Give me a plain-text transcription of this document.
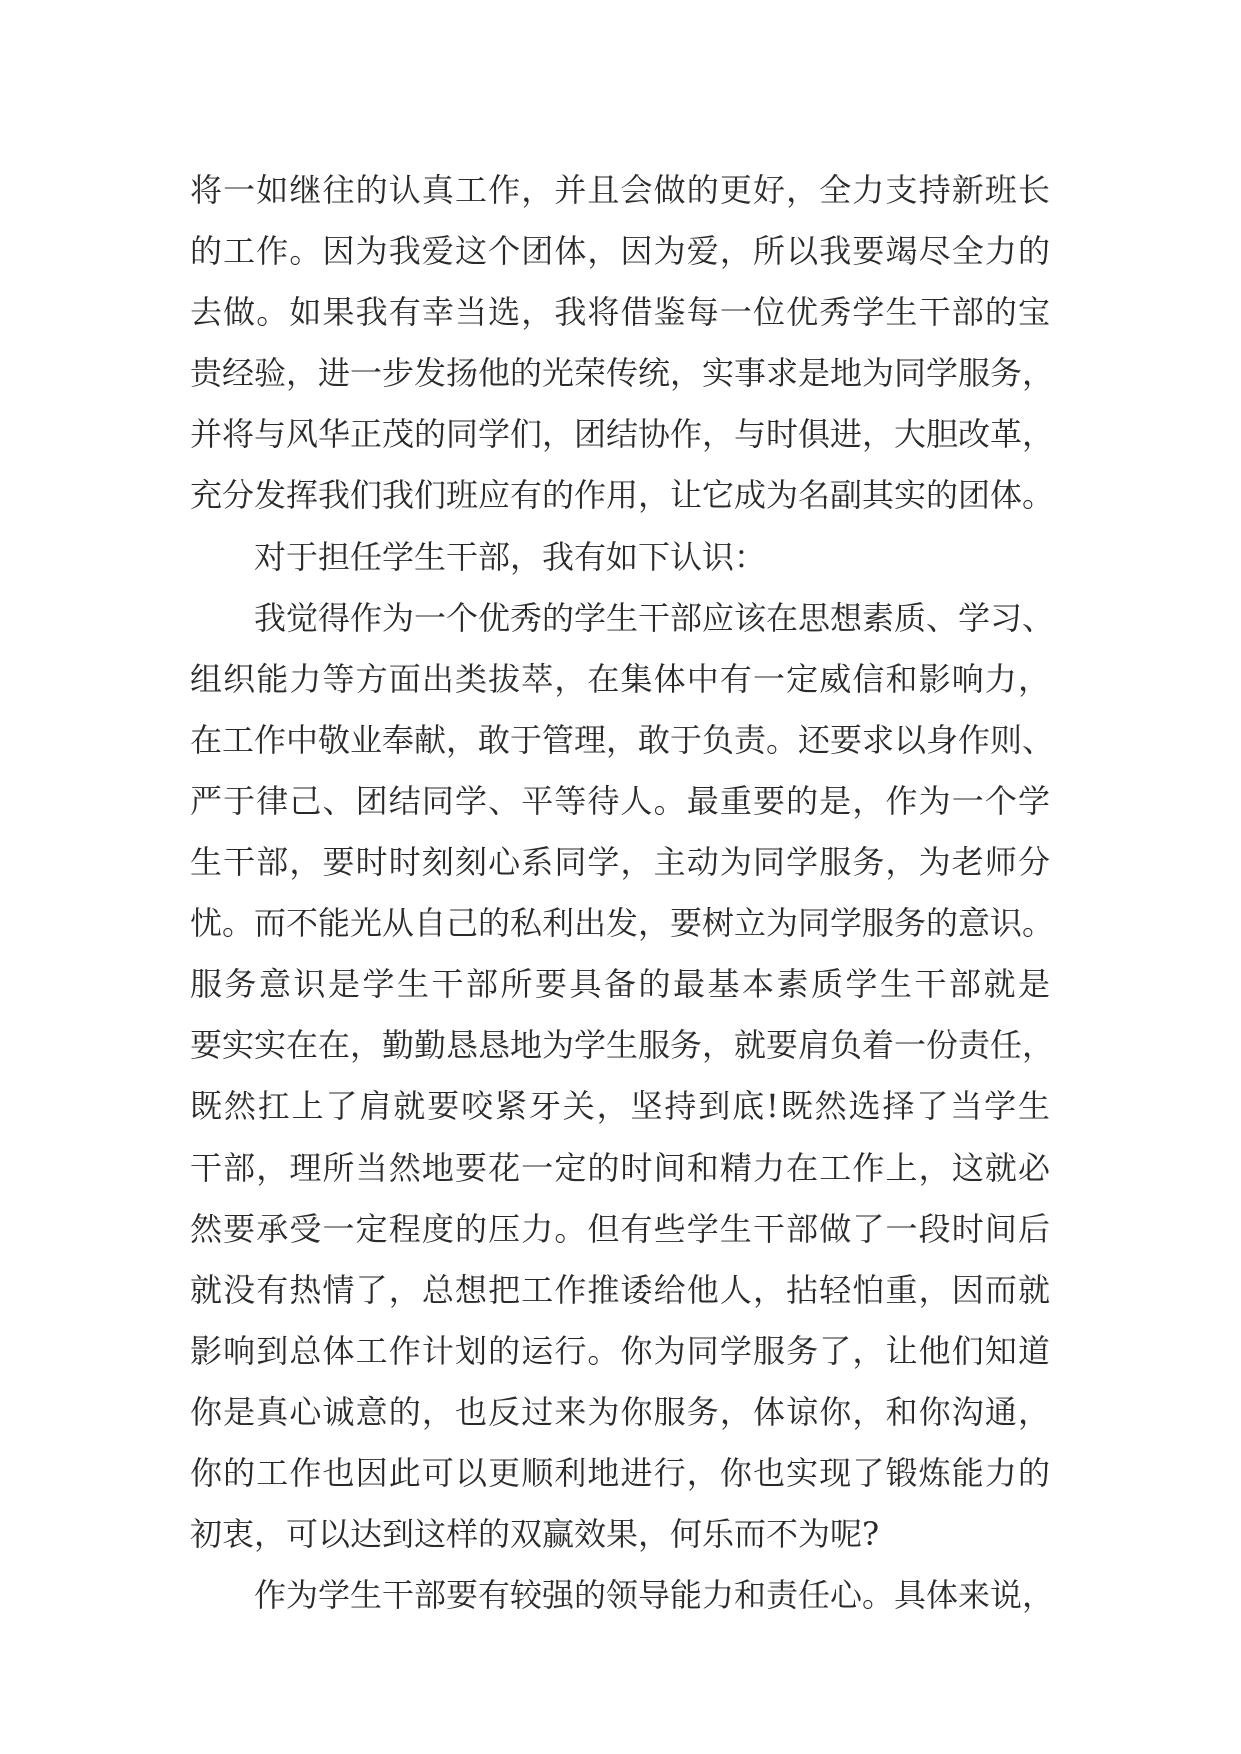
将一如继往的认真工作，并且会做的更好，全力支持新班长
的工作。因为我爱这个团体，因为爱，所以我要竭尽全力的
去做。如果我有幸当选，我将借鉴每一位优秀学生干部的宝
贵经验，进一步发扬他的光荣传统，实事求是地为同学服务，
并将与风华正茂的同学们，团结协作，与时俱进，大胆改革，
充分发挥我们我们班应有的作用，让它成为名副其实的团体。
对于担任学生干部，我有如下认识：
我觉得作为一个优秀的学生干部应该在思想素质、学习、
组织能力等方面出类拔萃，在集体中有一定威信和影响力，
在工作中敬业奉献，敢于管理，敢于负责。还要求以身作则、
严于律己、团结同学、平等待人。最重要的是，作为一个学
生干部，要时时刻刻心系同学，主动为同学服务，为老师分
忧。而不能光从自己的私利出发，要树立为同学服务的意识。
服务意识是学生干部所要具备的最基本素质学生干部就是
要实实在在，勤勤恳恳地为学生服务，就要肩负着一份责任，
既然扛上了肩就要咬紧牙关，坚持到底!既然选择了当学生
干部，理所当然地要花一定的时间和精力在工作上，这就必
然要承受一定程度的压力。但有些学生干部做了一段时间后
就没有热情了，总想把工作推诿给他人，拈轻怕重，因而就
影响到总体工作计划的运行。你为同学服务了，让他们知道
你是真心诚意的，也反过来为你服务，体谅你，和你沟通，
你的工作也因此可以更顺利地进行，你也实现了锻炼能力的
初衷，可以达到这样的双赢效果，何乐而不为呢?
作为学生干部要有较强的领导能力和责任心。具体来说，
